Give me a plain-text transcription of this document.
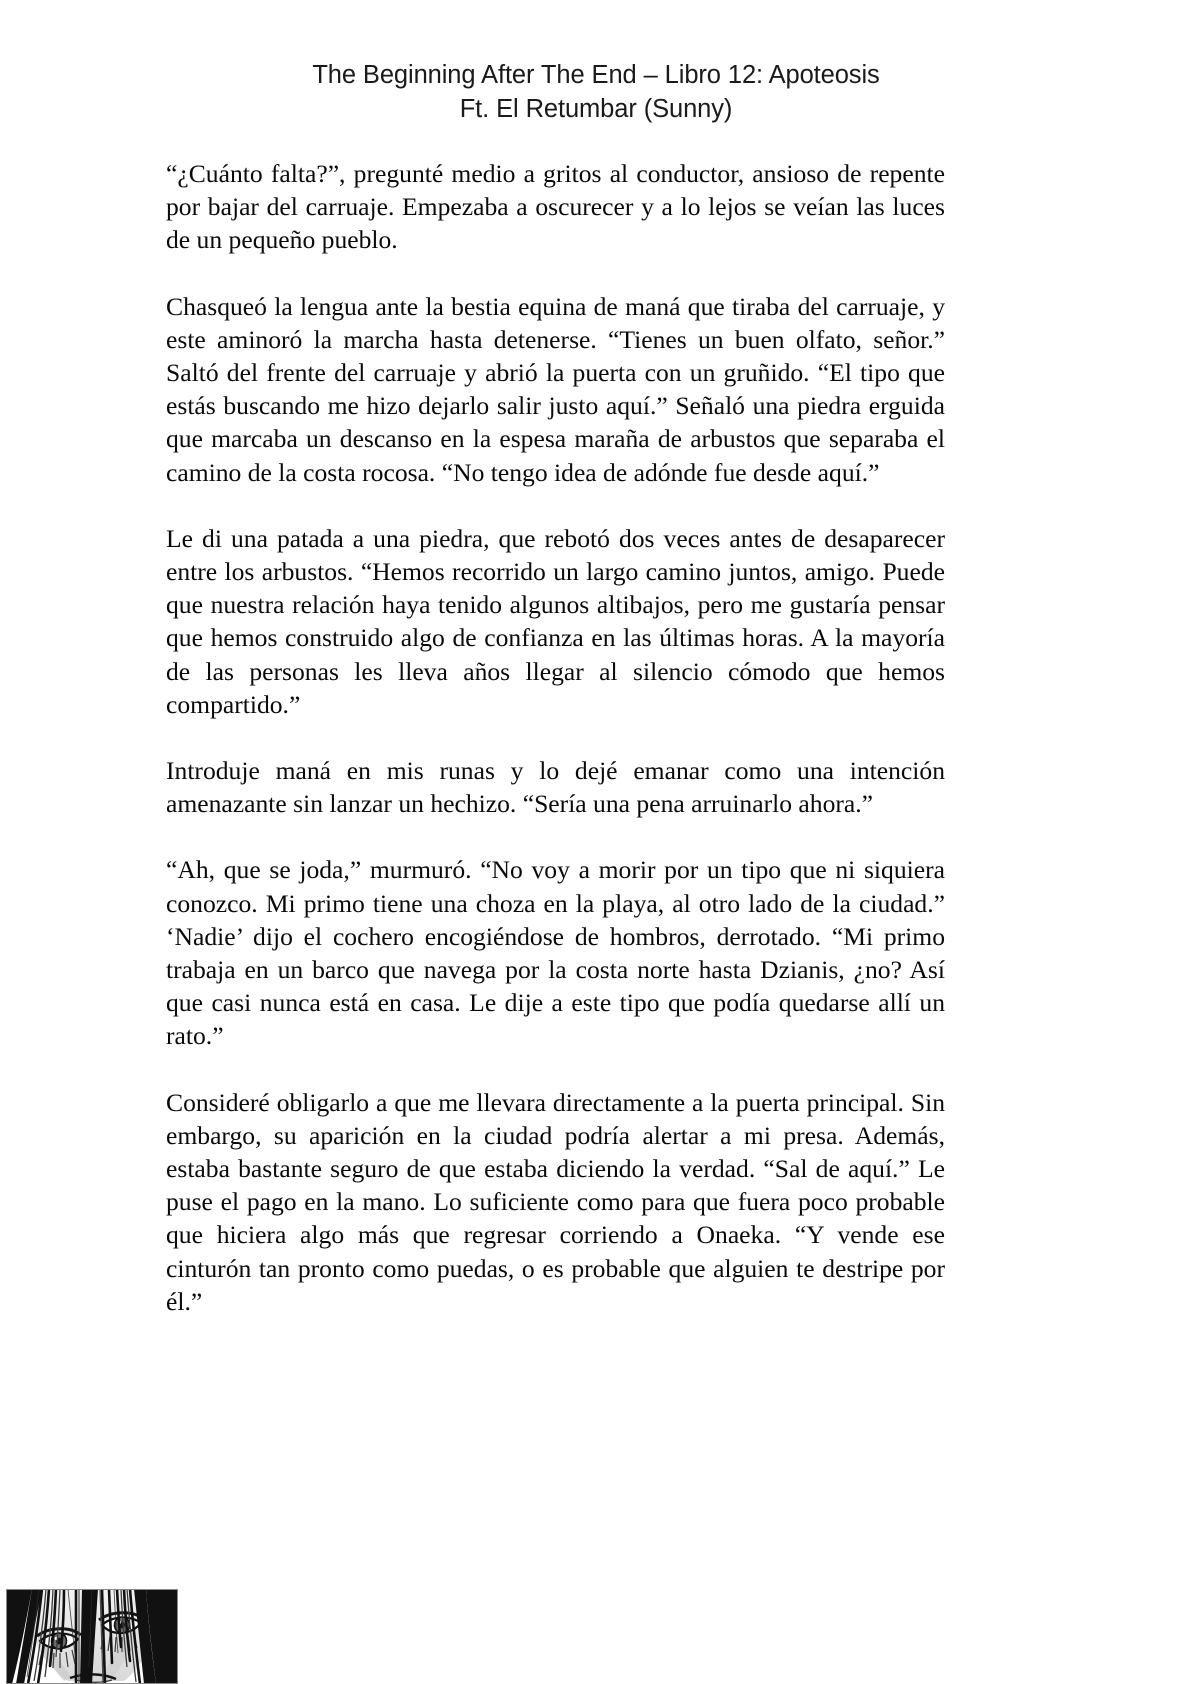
The Beginning After The End – Libro 12: Apoteosis
Ft. El Retumbar (Sunny)

“¿Cuánto falta?”, pregunté medio a gritos al conductor, ansioso de repente por bajar del carruaje. Empezaba a oscurecer y a lo lejos se veían las luces de un pequeño pueblo.

Chasqueó la lengua ante la bestia equina de maná que tiraba del carruaje, y este aminoró la marcha hasta detenerse. “Tienes un buen olfato, señor.” Saltó del frente del carruaje y abrió la puerta con un gruñido. “El tipo que estás buscando me hizo dejarlo salir justo aquí.” Señaló una piedra erguida que marcaba un descanso en la espesa maraña de arbustos que separaba el camino de la costa rocosa. “No tengo idea de adónde fue desde aquí.”

Le di una patada a una piedra, que rebotó dos veces antes de desaparecer entre los arbustos. “Hemos recorrido un largo camino juntos, amigo. Puede que nuestra relación haya tenido algunos altibajos, pero me gustaría pensar que hemos construido algo de confianza en las últimas horas. A la mayoría de las personas les lleva años llegar al silencio cómodo que hemos compartido.”

Introduje maná en mis runas y lo dejé emanar como una intención amenazante sin lanzar un hechizo. “Sería una pena arruinarlo ahora.”

“Ah, que se joda,” murmuró. “No voy a morir por un tipo que ni siquiera conozco. Mi primo tiene una choza en la playa, al otro lado de la ciudad.” ‘Nadie’ dijo el cochero encogiéndose de hombros, derrotado. “Mi primo trabaja en un barco que navega por la costa norte hasta Dzianis, ¿no? Así que casi nunca está en casa. Le dije a este tipo que podía quedarse allí un rato.”

Consideré obligarlo a que me llevara directamente a la puerta principal. Sin embargo, su aparición en la ciudad podría alertar a mi presa. Además, estaba bastante seguro de que estaba diciendo la verdad. “Sal de aquí.” Le puse el pago en la mano. Lo suficiente como para que fuera poco probable que hiciera algo más que regresar corriendo a Onaeka. “Y vende ese cinturón tan pronto como puedas, o es probable que alguien te destripe por él.”
